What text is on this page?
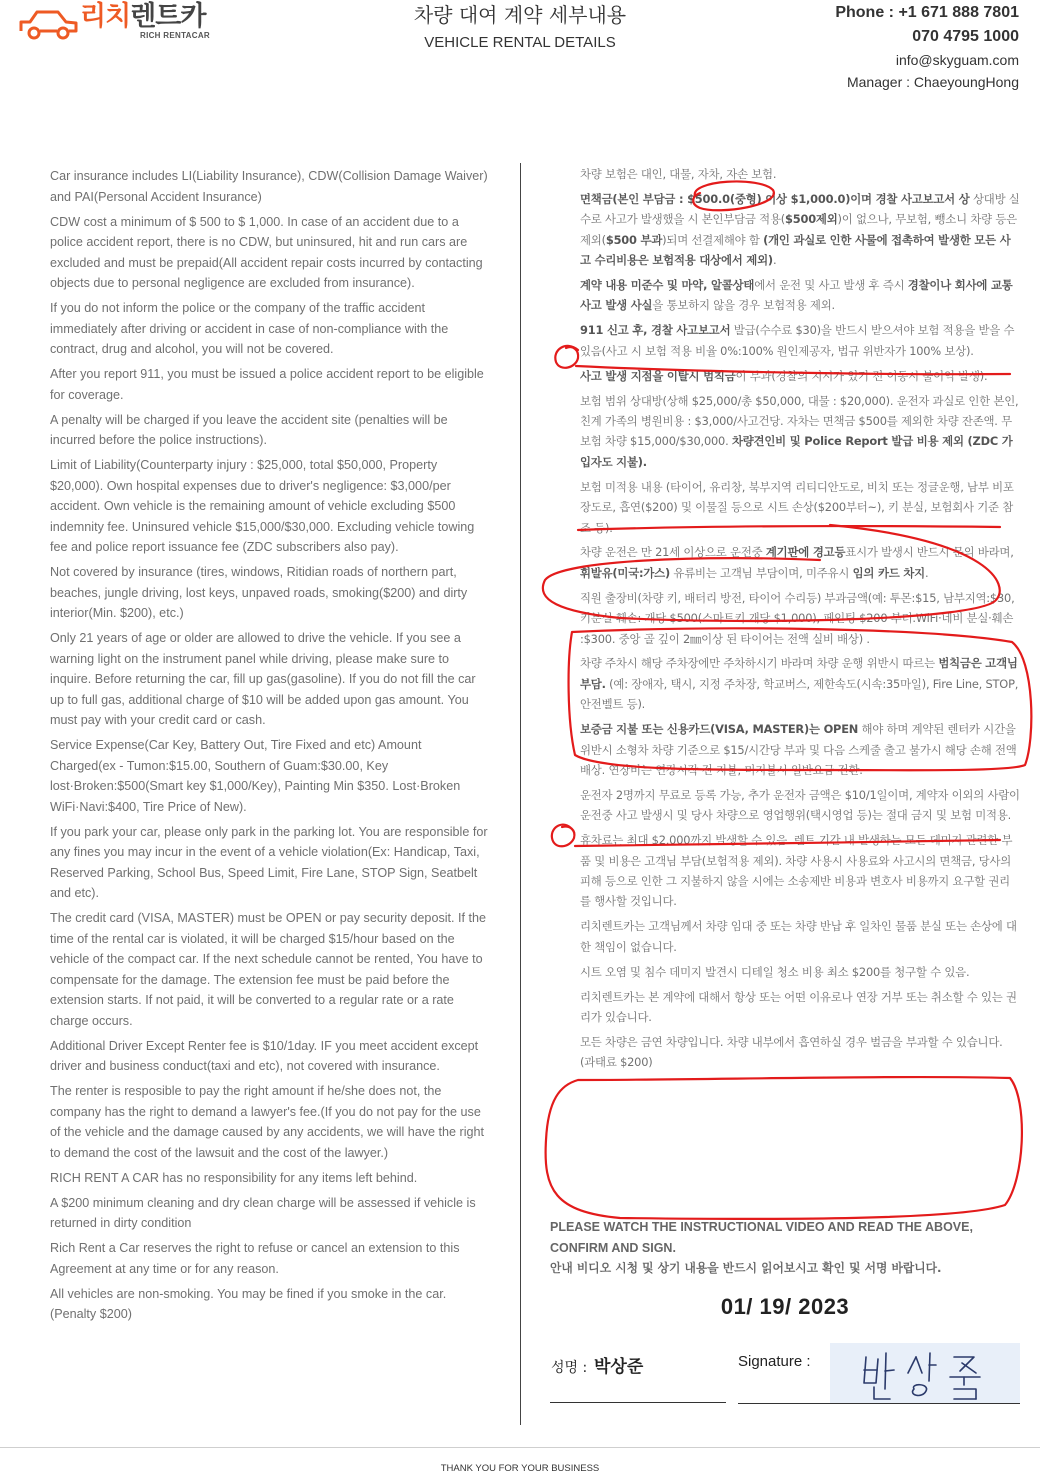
리치렌트카
RICH RENTACAR
차량 대여 계약 세부내용
VEHICLE RENTAL DETAILS
Phone : +1 671 888 7801
070 4795 1000
info@skyguam.com
Manager : ChaeyoungHong

Car insurance includes LI(Liability Insurance), CDW(Collision Damage Waiver) and PAI(Personal Accident Insurance)

CDW cost a minimum of $ 500 to $ 1,000. In case of an accident due to a police accident report, there is no CDW, but uninsured, hit and run cars are excluded and must be prepaid(All accident repair costs incurred by contacting objects due to personal negligence are excluded from insurance).

If you do not inform the police or the company of the traffic accident immediately after driving or accident in case of non-compliance with the contract, drug and alcohol, you will not be covered.

After you report 911, you must be issued a police accident report to be eligible for coverage.

A penalty will be charged if you leave the accident site (penalties will be incurred before the police instructions).

Limit of Liability(Counterparty injury : $25,000, total $50,000, Property $20,000). Own hospital expenses due to driver's negligence: $3,000/per accident. Own vehicle is the remaining amount of vehicle excluding $500 indemnity fee. Uninsured vehicle $15,000/$30,000. Excluding vehicle towing fee and police report issuance fee (ZDC subscribers also pay).

Not covered by insurance (tires, windows, Ritidian roads of northern part, beaches, jungle driving, lost keys, unpaved roads, smoking($200) and dirty interior(Min. $200), etc.)

Only 21 years of age or older are allowed to drive the vehicle. If you see a warning light on the instrument panel while driving, please make sure to inquire. Before returning the car, fill up gas(gasoline). If you do not fill the car up to full gas, additional charge of $10 will be added upon gas amount. You must pay with your credit card or cash.

Service Expense(Car Key, Battery Out, Tire Fixed and etc) Amount Charged(ex - Tumon:$15.00, Southern of Guam:$30.00, Key lost·Broken:$500(Smart key $1,000/Key), Painting Min $350. Lost·Broken WiFi·Navi:$400, Tire Price of New).

If you park your car, please only park in the parking lot. You are responsible for any fines you may incur in the event of a vehicle violation(Ex: Handicap, Taxi, Reserved Parking, School Bus, Speed Limit, Fire Lane, STOP Sign, Seatbelt and etc).

The credit card (VISA, MASTER) must be OPEN or pay security deposit. If the time of the rental car is violated, it will be charged $15/hour based on the vehicle of the compact car. If the next schedule cannot be rented, You have to compensate for the damage. The extension fee must be paid before the extension starts. If not paid, it will be converted to a regular rate or a rate charge occurs.

Additional Driver Except Renter fee is $10/1day. IF you meet accident except driver and business conduct(taxi and etc), not covered with insurance.

The renter is resposible to pay the right amount if he/she does not, the company has the right to demand a lawyer's fee.(If you do not pay for the use of the vehicle and the damage caused by any accidents, we will have the right to demand the cost of the lawsuit and the cost of the lawyer.)

RICH RENT A CAR has no responsibility for any items left behind.

A $200 minimum cleaning and dry clean charge will be assessed if vehicle is returned in dirty condition

Rich Rent a Car reserves the right to refuse or cancel an extension to this Agreement at any time or for any reason.

All vehicles are non-smoking. You may be fined if you smoke in the car. (Penalty $200)

차량 보험은 대인, 대물, 자차, 자손 보험.

면책금(본인 부담금 : $500.0(중형) 이상 $1,000.0)이며 경찰 사고보고서 상 상대방 실수로 사고가 발생했을 시 본인부담금 적용($500제외)이 없으나, 무보험, 뺑소니 차량 등은 제외($500 부과)되며 선결제해야 함 (개인 과실로 인한 사물에 접촉하여 발생한 모든 사고 수리비용은 보험적용 대상에서 제외).

계약 내용 미준수 및 마약, 알콜상태에서 운전 및 사고 발생 후 즉시 경찰이나 회사에 교통 사고 발생 사실을 통보하지 않을 경우 보험적용 제외.

911 신고 후, 경찰 사고보고서 발급(수수료 $30)을 반드시 받으셔야 보험 적용을 받을 수 있음(사고 시 보험 적용 비율 0%:100% 원인제공자, 법규 위반자가 100% 보상).

사고 발생 지점을 이탈시 범칙금이 부과(경찰의 지시가 있기 전 이동시 불이익 발생).

보험 범위 상대방(상해 $25,000/총 $50,000, 대물 : $20,000). 운전자 과실로 인한 본인, 친계 가족의 병원비용 : $3,000/사고건당. 자차는 면책금 $500를 제외한 차량 잔존액. 무보험 차량 $15,000/$30,000. 차량견인비 및 Police Report 발급 비용 제외 (ZDC 가입자도 지불).

보험 미적용 내용 (타이어, 유리창, 북부지역 리티디안도로, 비치 또는 정글운행, 남부 비포장도로, 흡연($200) 및 이물질 등으로 시트 손상($200부터~), 키 분실, 보험회사 기준 참조 등).

차량 운전은 만 21세 이상으로 운전중 계기판에 경고등표시가 발생시 반드시 문의 바라며, 휘발유(미국:가스) 유류비는 고객님 부담이며, 미주유시 임의 카드 차지.

직원 출장비(차량 키, 배터리 방전, 타이어 수리등) 부과금액(예: 투몬:$15, 남부지역:$30, 키분실·훼손: 개당 $500(스마트키 개당 $1,000), 페인팅 $200 부터.WiFi·네비 분실·훼손 :$300. 중앙 골 깊이 2㎜이상 된 타이어는 전액 실비 배상) .

차량 주차시 해당 주차장에만 주차하시기 바라며 차량 운행 위반시 따르는 범칙금은 고객님 부담. (예: 장애자, 택시, 지정 주차장, 학교버스, 제한속도(시속:35마일), Fire Line, STOP, 안전벨트 등).

보증금 지불 또는 신용카드(VISA, MASTER)는 OPEN 해야 하며 계약된 렌터카 시간을 위반시 소형차 차량 기준으로 $15/시간당 부과 및 다음 스케줄 출고 불가시 해당 손해 전액 배상. 연장비는 연장시작 전 지불, 미지불시 일반요금 전환.

운전자 2명까지 무료로 등록 가능, 추가 운전자 금액은 $10/1일이며, 계약자 이외의 사람이 운전중 사고 발생시 및 당사 차량으로 영업행위(택시영업 등)는 절대 금지 및 보험 미적용.

휴차료는 최대 $2,000까지 발생할 수 있음. 렌트 기간 내 발생하는 모든 데미지 관련한 부품 및 비용은 고객님 부담(보험적용 제외). 차량 사용시 사용료와 사고시의 면책금, 당사의 피해 등으로 인한 그 지불하지 않을 시에는 소송제반 비용과 변호사 비용까지 요구할 권리를 행사할 것입니다.

리치렌트카는 고객님께서 차량 임대 중 또는 차량 반납 후 일차인 물품 분실 또는 손상에 대한 책임이 없습니다.

시트 오염 및 침수 데미지 발견시 디테일 청소 비용 최소 $200를 청구할 수 있음.

리치렌트카는 본 계약에 대해서 항상 또는 어떤 이유로나 연장 거부 또는 취소할 수 있는 권리가 있습니다.

모든 차량은 금연 차량입니다. 차량 내부에서 흡연하실 경우 벌금을 부과할 수 있습니다. (과태료 $200)

PLEASE WATCH THE INSTRUCTIONAL VIDEO AND READ THE ABOVE,
CONFIRM AND SIGN.
안내 비디오 시청 및 상기 내용을 반드시 읽어보시고 확인 및 서명 바랍니다.
01/ 19/ 2023
성명 : 박상준	Signature :
THANK YOU FOR YOUR BUSINESS
